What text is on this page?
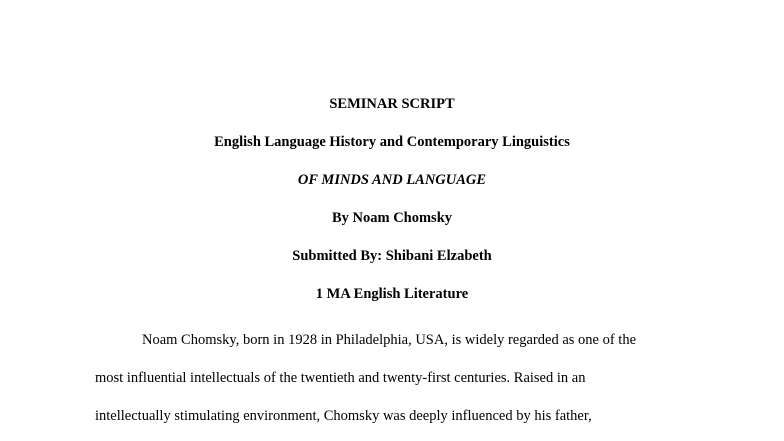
SEMINAR SCRIPT
English Language History and Contemporary Linguistics
OF MINDS AND LANGUAGE
By Noam Chomsky
Submitted By: Shibani Elzabeth
1 MA English Literature
Noam Chomsky, born in 1928 in Philadelphia, USA, is widely regarded as one of the
most influential intellectuals of the twentieth and twenty-first centuries. Raised in an
intellectually stimulating environment, Chomsky was deeply influenced by his father,
